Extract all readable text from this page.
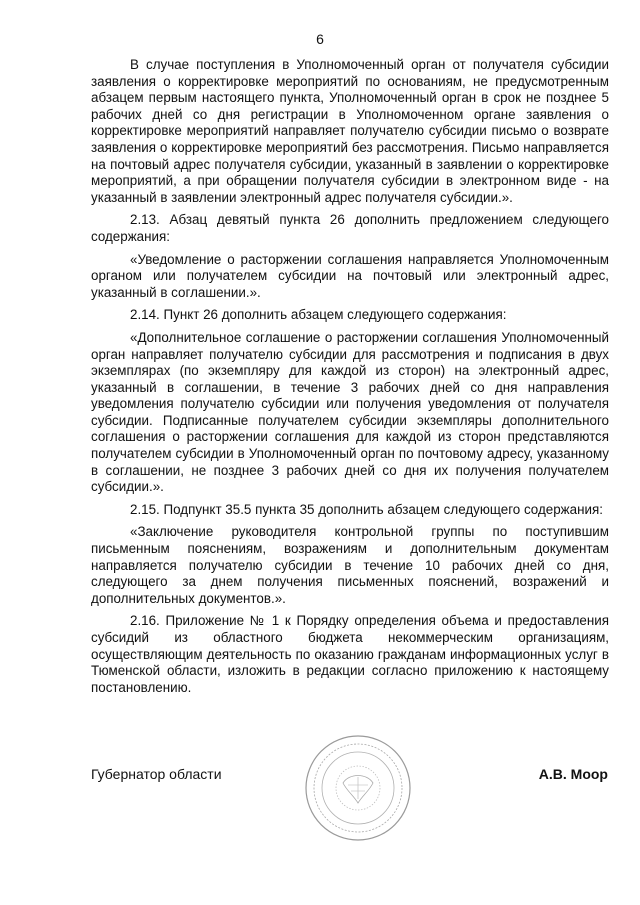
6

В случае поступления в Уполномоченный орган от получателя субсидии заявления о корректировке мероприятий по основаниям, не предусмотренным абзацем первым настоящего пункта, Уполномоченный орган в срок не позднее 5 рабочих дней со дня регистрации в Уполномоченном органе заявления о корректировке мероприятий направляет получателю субсидии письмо о возврате заявления о корректировке мероприятий без рассмотрения. Письмо направляется на почтовый адрес получателя субсидии, указанный в заявлении о корректировке мероприятий, а при обращении получателя субсидии в электронном виде - на указанный в заявлении электронный адрес получателя субсидии.».

2.13. Абзац девятый пункта 26 дополнить предложением следующего содержания:

«Уведомление о расторжении соглашения направляется Уполномоченным органом или получателем субсидии на почтовый или электронный адрес, указанный в соглашении.».

2.14. Пункт 26 дополнить абзацем следующего содержания:

«Дополнительное соглашение о расторжении соглашения Уполномоченный орган направляет получателю субсидии для рассмотрения и подписания в двух экземплярах (по экземпляру для каждой из сторон) на электронный адрес, указанный в соглашении, в течение 3 рабочих дней со дня направления уведомления получателю субсидии или получения уведомления от получателя субсидии. Подписанные получателем субсидии экземпляры дополнительного соглашения о расторжении соглашения для каждой из сторон представляются получателем субсидии в Уполномоченный орган по почтовому адресу, указанному в соглашении, не позднее 3 рабочих дней со дня их получения получателем субсидии.».

2.15. Подпункт 35.5 пункта 35 дополнить абзацем следующего содержания:

«Заключение руководителя контрольной группы по поступившим письменным пояснениям, возражениям и дополнительным документам направляется получателю субсидии в течение 10 рабочих дней со дня, следующего за днем получения письменных пояснений, возражений и дополнительных документов.».

2.16. Приложение № 1 к Порядку определения объема и предоставления субсидий из областного бюджета некоммерческим организациям, осуществляющим деятельность по оказанию гражданам информационных услуг в Тюменской области, изложить в редакции согласно приложению к настоящему постановлению.

Губернатор области	А.В. Моор
